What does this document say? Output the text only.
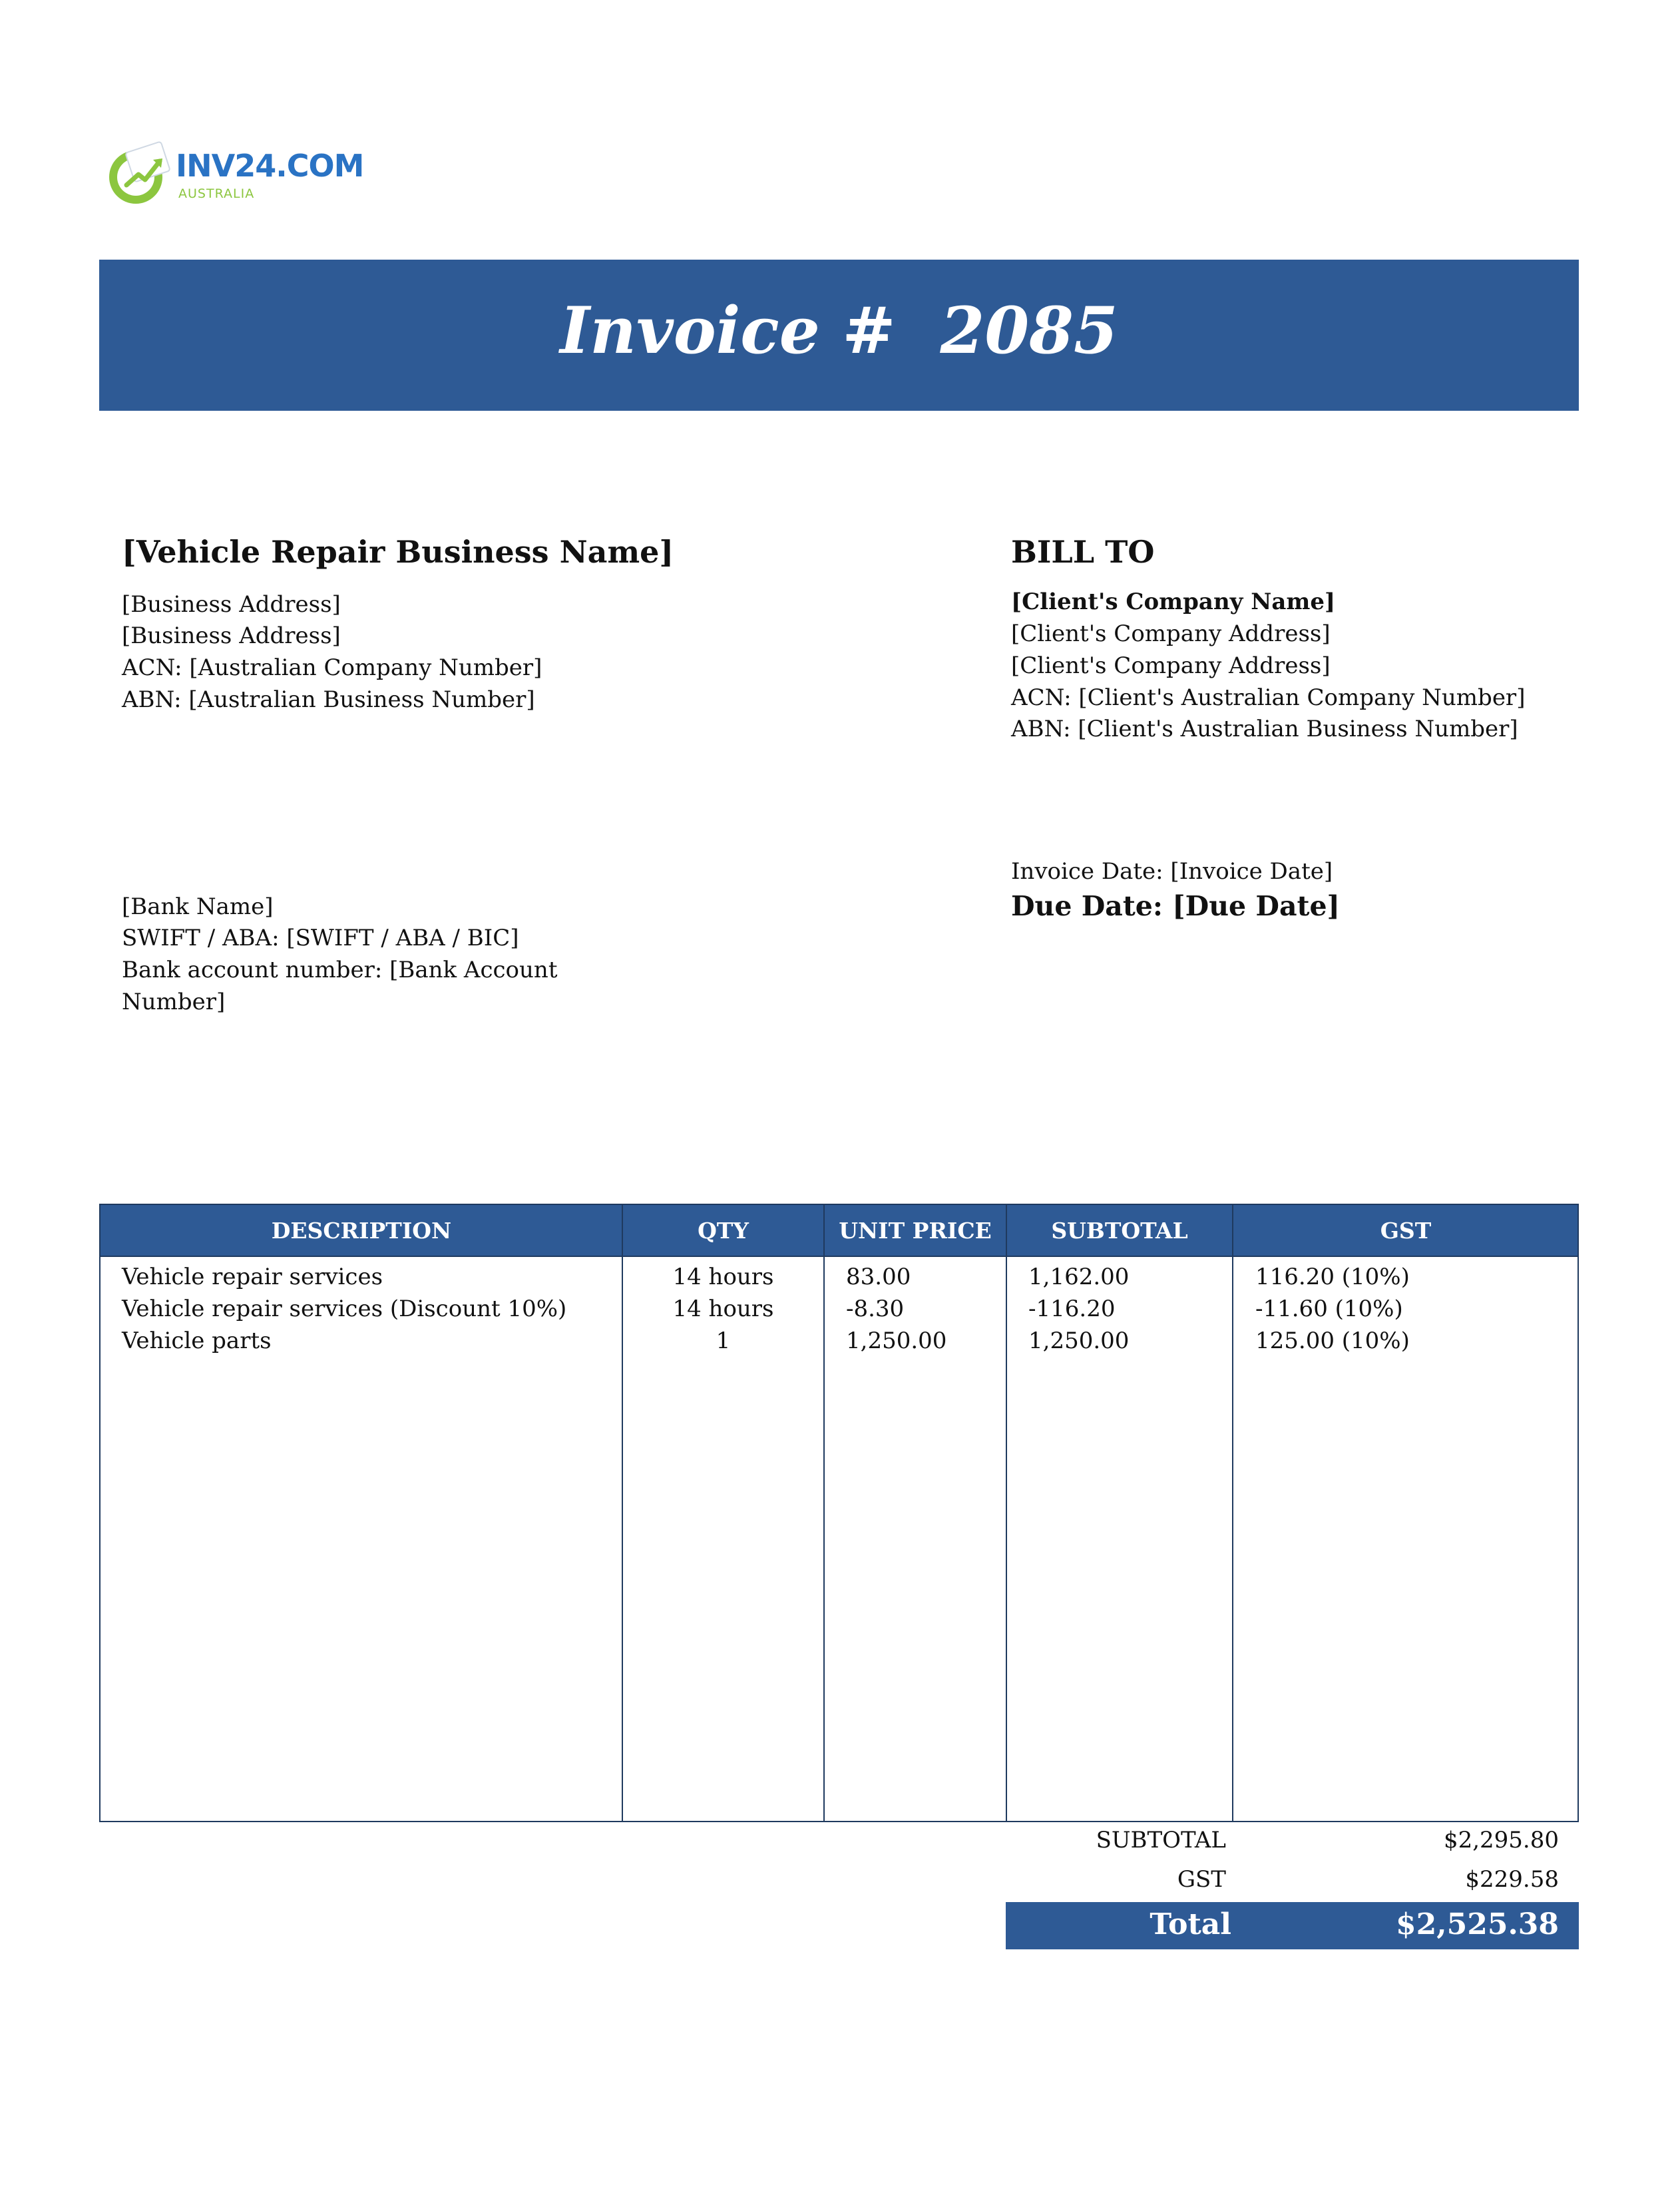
INV24.COM
AUSTRALIA
Invoice #  2085
[Vehicle Repair Business Name]
[Business Address]
[Business Address]
ACN: [Australian Company Number]
ABN: [Australian Business Number]
BILL TO
[Client's Company Name]
[Client's Company Address]
[Client's Company Address]
ACN: [Client's Australian Company Number]
ABN: [Client's Australian Business Number]
[Bank Name]
SWIFT / ABA: [SWIFT / ABA / BIC]
Bank account number: [Bank Account
Number]
Invoice Date: [Invoice Date]
Due Date: [Due Date]
DESCRIPTION	QTY	UNIT PRICE	SUBTOTAL	GST
Vehicle repair services	14 hours	83.00	1,162.00	116.20 (10%)
Vehicle repair services (Discount 10%)	14 hours	-8.30	-116.20	-11.60 (10%)
Vehicle parts	1	1,250.00	1,250.00	125.00 (10%)
SUBTOTAL	$2,295.80
GST	$229.58
Total	$2,525.38
